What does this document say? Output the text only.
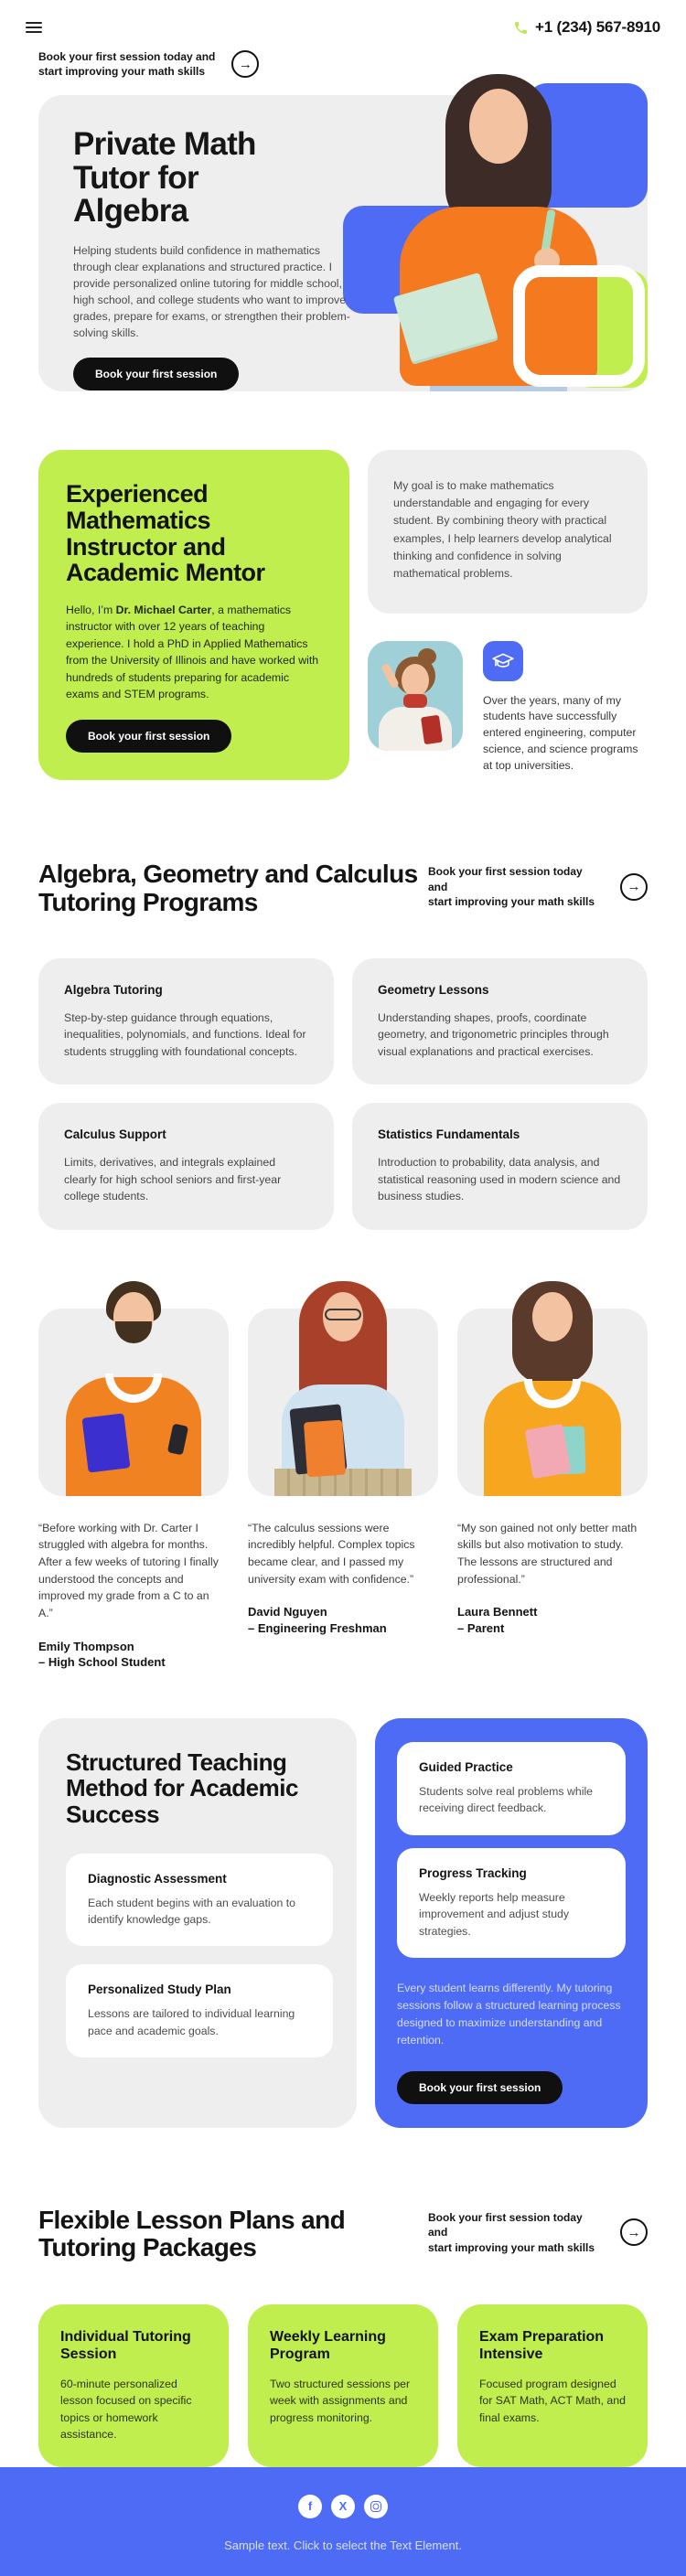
+1 (234) 567-8910
Book your first session today and
start improving your math skills	→
Private Math Tutor for Algebra

Helping students build confidence in mathematics through clear explanations and structured practice. I provide personalized online tutoring for middle school, high school, and college students who want to improve grades, prepare for exams, or strengthen their problem-solving skills.

Book your first session
Experienced Mathematics Instructor and Academic Mentor

Hello, I’m Dr. Michael Carter, a mathematics instructor with over 12 years of teaching experience. I hold a PhD in Applied Mathematics from the University of Illinois and have worked with hundreds of students preparing for academic exams and STEM programs.

Book your first session
My goal is to make mathematics understandable and engaging for every student. By combining theory with practical examples, I help learners develop analytical thinking and confidence in solving mathematical problems.

Over the years, many of my students have successfully entered engineering, computer science, and science programs at top universities.

Algebra, Geometry and Calculus Tutoring Programs
Book your first session today and
start improving your math skills
→
Algebra Tutoring

Step-by-step guidance through equations, inequalities, polynomials, and functions. Ideal for students struggling with foundational concepts.

Geometry Lessons

Understanding shapes, proofs, coordinate geometry, and trigonometric principles through visual explanations and practical exercises.

Calculus Support

Limits, derivatives, and integrals explained clearly for high school seniors and first-year college students.

Statistics Fundamentals

Introduction to probability, data analysis, and statistical reasoning used in modern science and business studies.

“Before working with Dr. Carter I struggled with algebra for months. After a few weeks of tutoring I finally understood the concepts and improved my grade from a C to an A.”

Emily Thompson
– High School Student

“The calculus sessions were incredibly helpful. Complex topics became clear, and I passed my university exam with confidence.”

David Nguyen
– Engineering Freshman

“My son gained not only better math skills but also motivation to study. The lessons are structured and professional.”

Laura Bennett
– Parent
Structured Teaching Method for Academic Success
Diagnostic Assessment

Each student begins with an evaluation to identify knowledge gaps.

Personalized Study Plan

Lessons are tailored to individual learning pace and academic goals.

Guided Practice

Students solve real problems while receiving direct feedback.

Progress Tracking

Weekly reports help measure improvement and adjust study strategies.

Every student learns differently. My tutoring sessions follow a structured learning process designed to maximize understanding and retention.

Book your first session
Flexible Lesson Plans and Tutoring Packages
Book your first session today and
start improving your math skills
→
Individual Tutoring Session

60-minute personalized lesson focused on specific topics or homework assistance.

Weekly Learning Program

Two structured sessions per week with assignments and progress monitoring.

Exam Preparation Intensive

Focused program designed for SAT Math, ACT Math, and final exams.

f X
Sample text. Click to select the Text Element.
